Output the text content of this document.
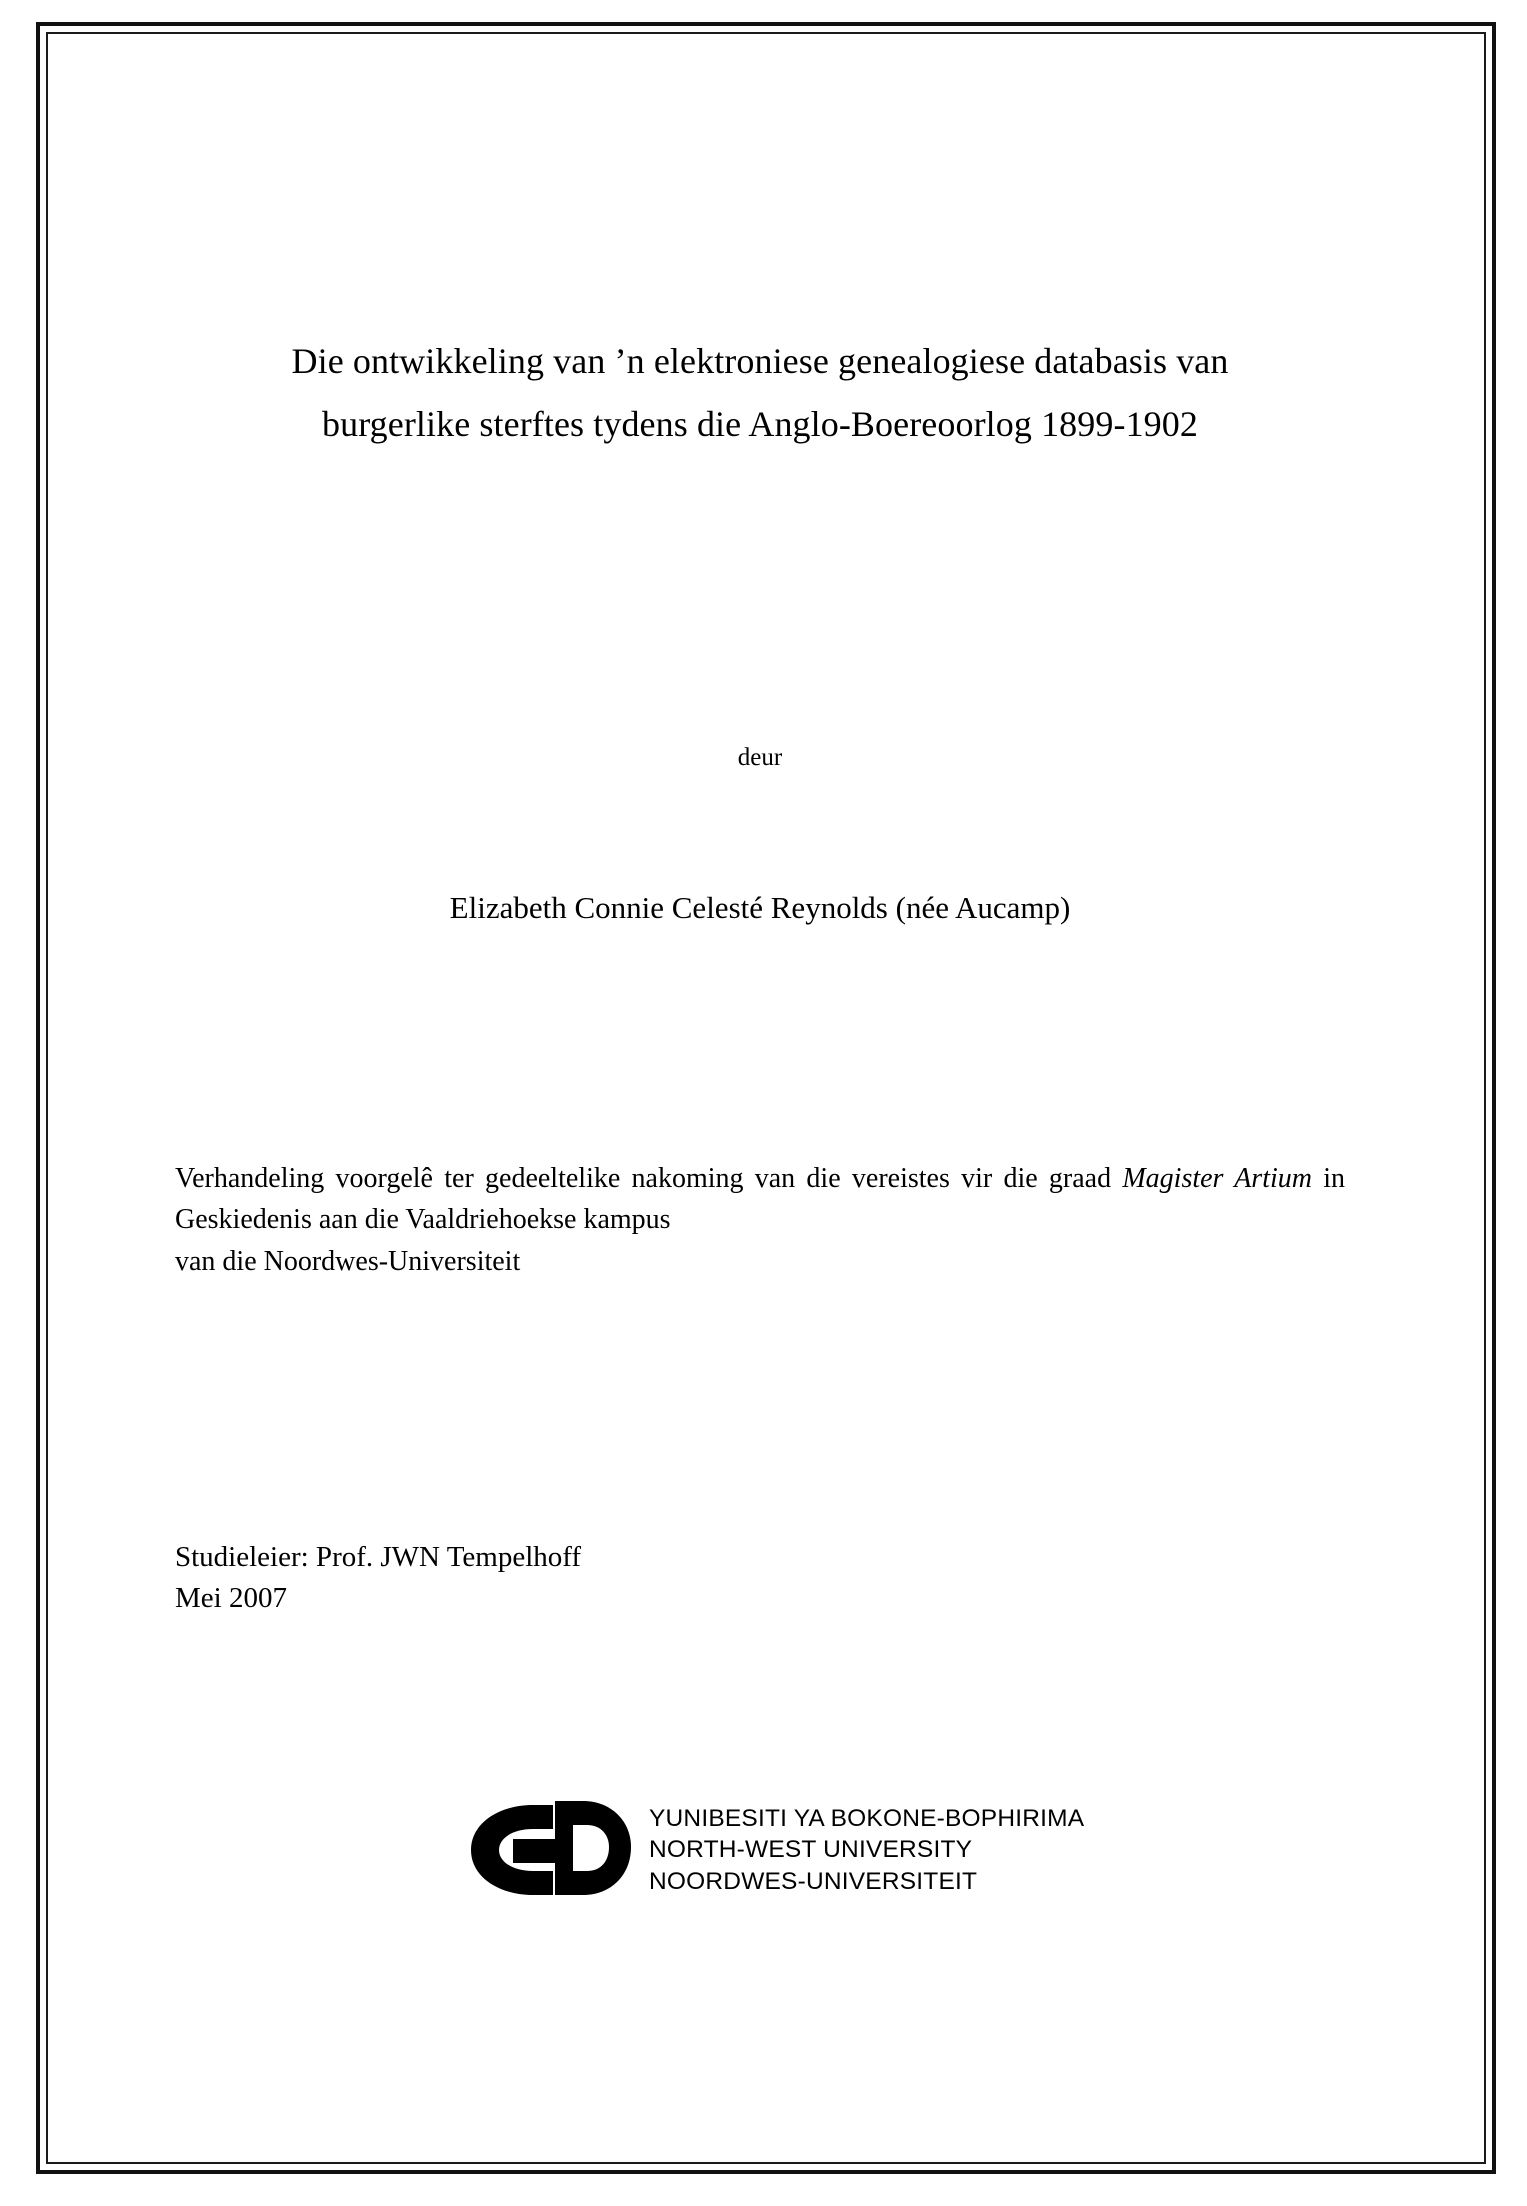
Die ontwikkeling van ’n elektroniese genealogiese databasis van
burgerlike sterftes tydens die Anglo-Boereoorlog 1899-1902
deur
Elizabeth Connie Celesté Reynolds (née Aucamp)

Verhandeling voorgelê ter gedeeltelike nakoming van die vereistes vir die graad Magister Artium in Geskiedenis aan die Vaaldriehoekse kampus

van die Noordwes-Universiteit

Studieleier: Prof. JWN Tempelhoff

Mei 2007

YUNIBESITI YA BOKONE-BOPHIRIMA
NORTH-WEST UNIVERSITY
NOORDWES-UNIVERSITEIT
